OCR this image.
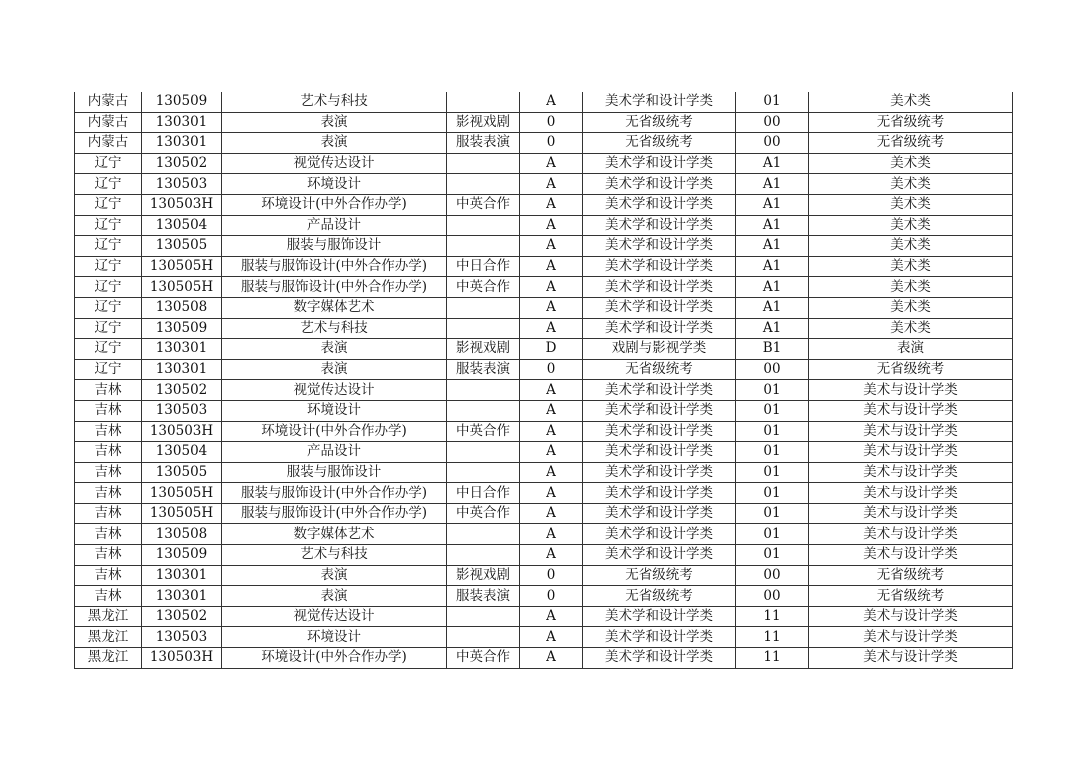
内蒙古	130509	艺术与科技		A	美术学和设计学类	01	美术类
内蒙古	130301	表演	影视戏剧	0	无省级统考	00	无省级统考
内蒙古	130301	表演	服装表演	0	无省级统考	00	无省级统考
辽宁	130502	视觉传达设计		A	美术学和设计学类	A1	美术类
辽宁	130503	环境设计		A	美术学和设计学类	A1	美术类
辽宁	130503H	环境设计(中外合作办学)	中英合作	A	美术学和设计学类	A1	美术类
辽宁	130504	产品设计		A	美术学和设计学类	A1	美术类
辽宁	130505	服装与服饰设计		A	美术学和设计学类	A1	美术类
辽宁	130505H	服装与服饰设计(中外合作办学)	中日合作	A	美术学和设计学类	A1	美术类
辽宁	130505H	服装与服饰设计(中外合作办学)	中英合作	A	美术学和设计学类	A1	美术类
辽宁	130508	数字媒体艺术		A	美术学和设计学类	A1	美术类
辽宁	130509	艺术与科技		A	美术学和设计学类	A1	美术类
辽宁	130301	表演	影视戏剧	D	戏剧与影视学类	B1	表演
辽宁	130301	表演	服装表演	0	无省级统考	00	无省级统考
吉林	130502	视觉传达设计		A	美术学和设计学类	01	美术与设计学类
吉林	130503	环境设计		A	美术学和设计学类	01	美术与设计学类
吉林	130503H	环境设计(中外合作办学)	中英合作	A	美术学和设计学类	01	美术与设计学类
吉林	130504	产品设计		A	美术学和设计学类	01	美术与设计学类
吉林	130505	服装与服饰设计		A	美术学和设计学类	01	美术与设计学类
吉林	130505H	服装与服饰设计(中外合作办学)	中日合作	A	美术学和设计学类	01	美术与设计学类
吉林	130505H	服装与服饰设计(中外合作办学)	中英合作	A	美术学和设计学类	01	美术与设计学类
吉林	130508	数字媒体艺术		A	美术学和设计学类	01	美术与设计学类
吉林	130509	艺术与科技		A	美术学和设计学类	01	美术与设计学类
吉林	130301	表演	影视戏剧	0	无省级统考	00	无省级统考
吉林	130301	表演	服装表演	0	无省级统考	00	无省级统考
黑龙江	130502	视觉传达设计		A	美术学和设计学类	11	美术与设计学类
黑龙江	130503	环境设计		A	美术学和设计学类	11	美术与设计学类
黑龙江	130503H	环境设计(中外合作办学)	中英合作	A	美术学和设计学类	11	美术与设计学类
